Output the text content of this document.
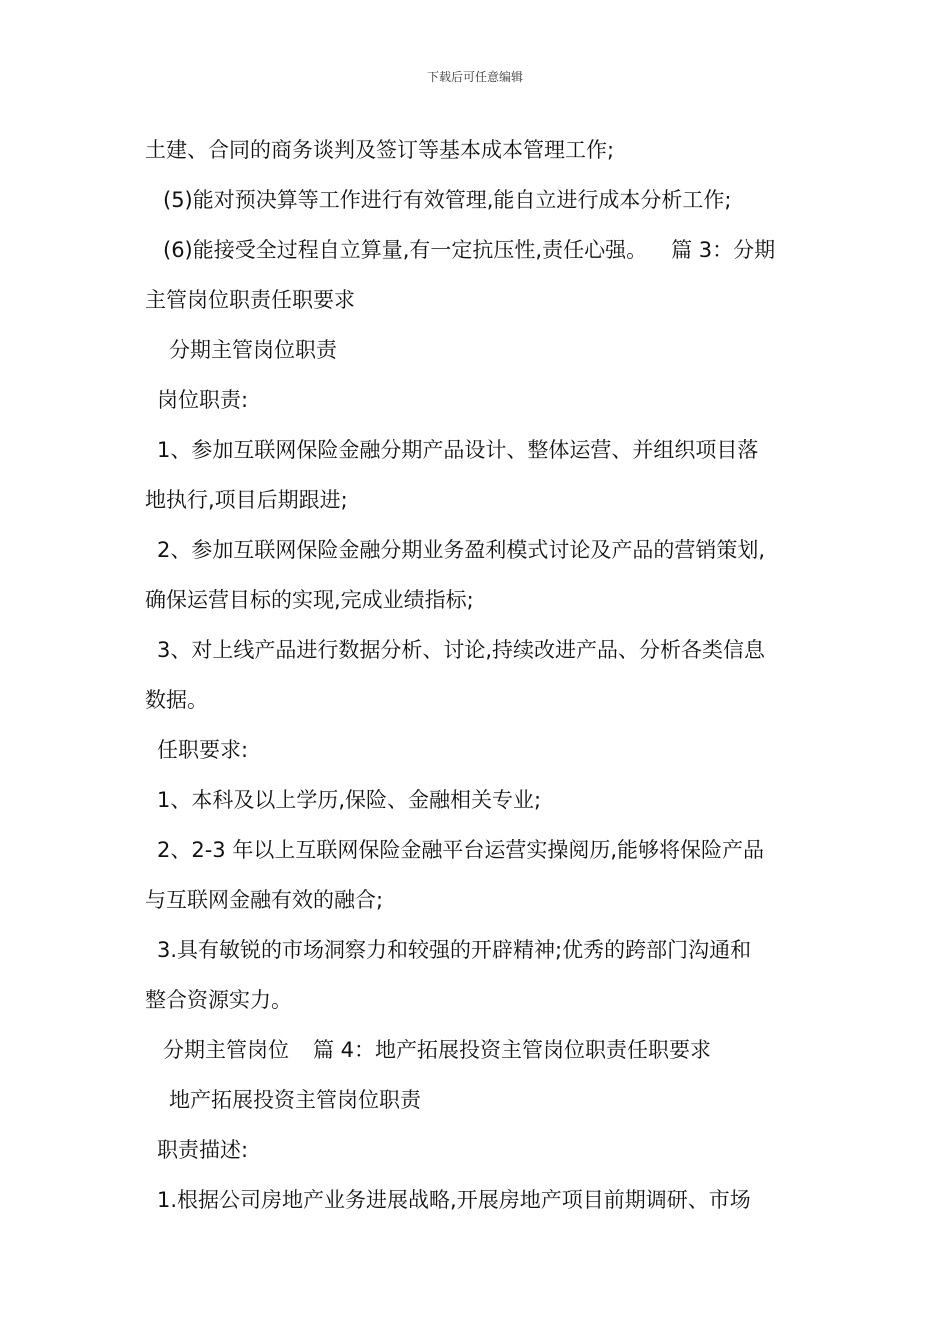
下载后可任意编辑
土建、合同的商务谈判及签订等基本成本管理工作;
(5)能对预决算等工作进行有效管理,能自立进行成本分析工作;
(6)能接受全过程自立算量,有一定抗压性,责任心强。 篇 3：分期
主管岗位职责任职要求
分期主管岗位职责
岗位职责:
1、参加互联网保险金融分期产品设计、整体运营、并组织项目落
地执行,项目后期跟进;
2、参加互联网保险金融分期业务盈利模式讨论及产品的营销策划,
确保运营目标的实现,完成业绩指标;
3、对上线产品进行数据分析、讨论,持续改进产品、分析各类信息
数据。
任职要求:
1、本科及以上学历,保险、金融相关专业;
2、2-3 年以上互联网保险金融平台运营实操阅历,能够将保险产品
与互联网金融有效的融合;
3.具有敏锐的市场洞察力和较强的开辟精神;优秀的跨部门沟通和
整合资源实力。
分期主管岗位 篇 4：地产拓展投资主管岗位职责任职要求
地产拓展投资主管岗位职责
职责描述:
1.根据公司房地产业务进展战略,开展房地产项目前期调研、市场
